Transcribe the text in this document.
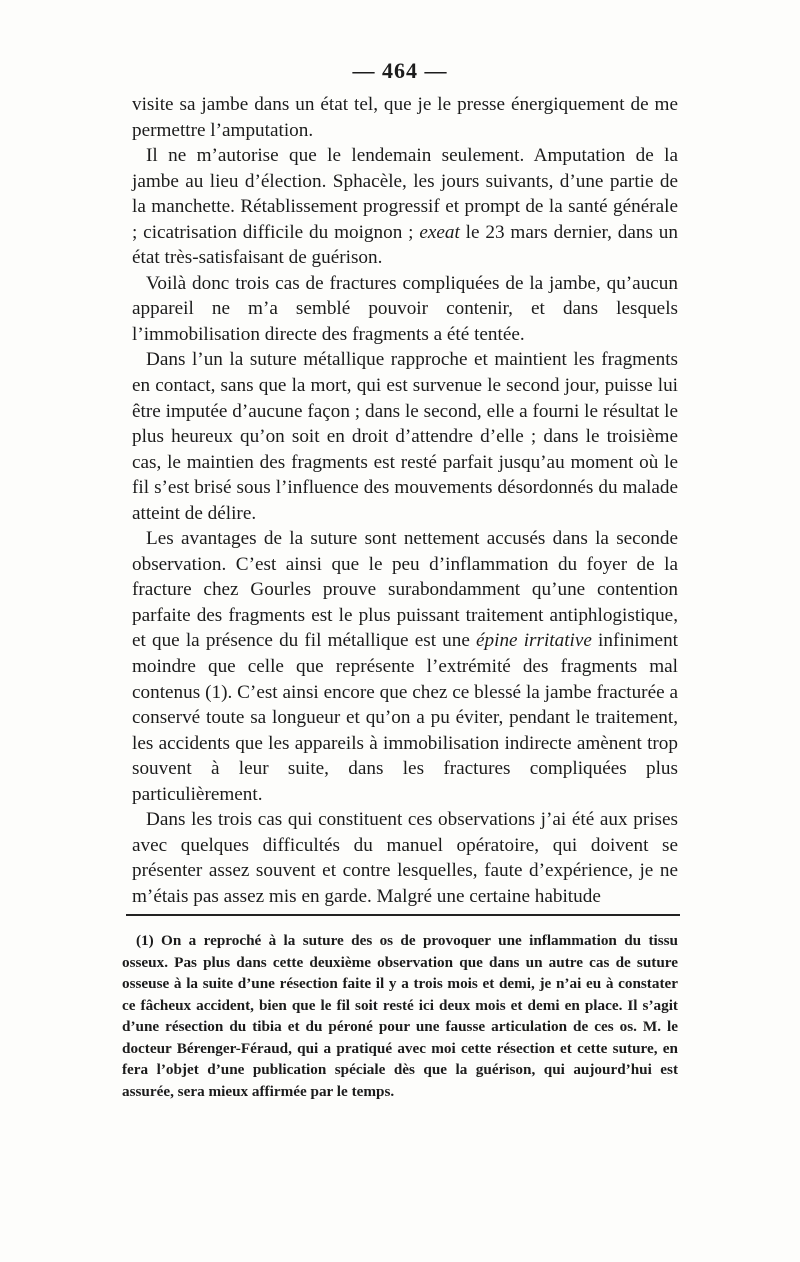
— 464 —

visite sa jambe dans un état tel, que je le presse énergiquement de me permettre l’amputation.

Il ne m’autorise que le lendemain seulement. Amputation de la jambe au lieu d’élection. Sphacèle, les jours suivants, d’une partie de la manchette. Rétablissement progressif et prompt de la santé générale ; cicatrisation difficile du moignon ; exeat le 23 mars dernier, dans un état très-satisfaisant de guérison.

Voilà donc trois cas de fractures compliquées de la jambe, qu’aucun appareil ne m’a semblé pouvoir contenir, et dans lesquels l’immobilisation directe des fragments a été tentée.

Dans l’un la suture métallique rapproche et maintient les fragments en contact, sans que la mort, qui est survenue le second jour, puisse lui être imputée d’aucune façon ; dans le second, elle a fourni le résultat le plus heureux qu’on soit en droit d’attendre d’elle ; dans le troisième cas, le maintien des fragments est resté parfait jusqu’au moment où le fil s’est brisé sous l’influence des mouvements désordonnés du malade atteint de délire.

Les avantages de la suture sont nettement accusés dans la seconde observation. C’est ainsi que le peu d’inflammation du foyer de la fracture chez Gourles prouve surabondamment qu’une contention parfaite des fragments est le plus puissant traitement antiphlogistique, et que la présence du fil métallique est une épine irritative infiniment moindre que celle que représente l’extrémité des fragments mal contenus (1). C’est ainsi encore que chez ce blessé la jambe fracturée a conservé toute sa longueur et qu’on a pu éviter, pendant le traitement, les accidents que les appareils à immobilisation indirecte amènent trop souvent à leur suite, dans les fractures compliquées plus particulièrement.

Dans les trois cas qui constituent ces observations j’ai été aux prises avec quelques difficultés du manuel opératoire, qui doivent se présenter assez souvent et contre lesquelles, faute d’expérience, je ne m’étais pas assez mis en garde. Malgré une certaine habitude

(1) On a reproché à la suture des os de provoquer une inflammation du tissu osseux. Pas plus dans cette deuxième observation que dans un autre cas de suture osseuse à la suite d’une résection faite il y a trois mois et demi, je n’ai eu à constater ce fâcheux accident, bien que le fil soit resté ici deux mois et demi en place. Il s’agit d’une résection du tibia et du péroné pour une fausse articulation de ces os. M. le docteur Bérenger-Féraud, qui a pratiqué avec moi cette résection et cette suture, en fera l’objet d’une publication spéciale dès que la guérison, qui aujourd’hui est assurée, sera mieux affirmée par le temps.
